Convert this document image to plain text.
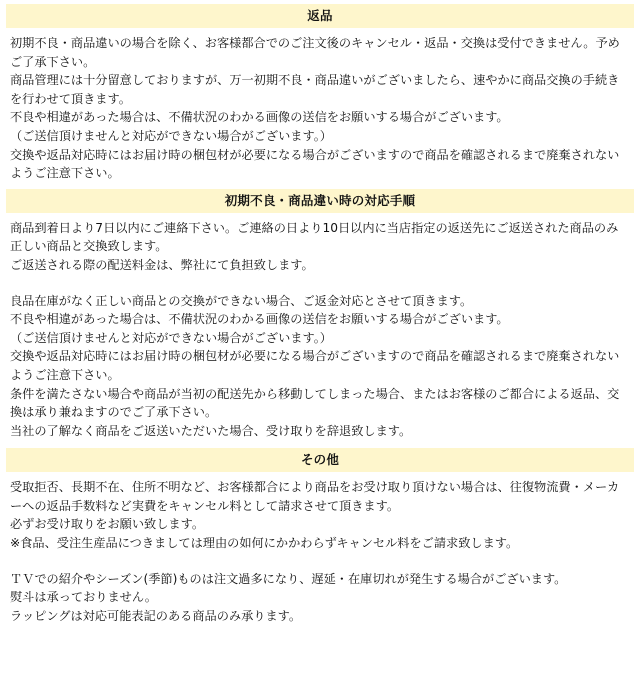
返品

初期不良・商品違いの場合を除く、お客様都合でのご注文後のキャンセル・返品・交換は受付できません。予めご了承下さい。

商品管理には十分留意しておりますが、万一初期不良・商品違いがございましたら、速やかに商品交換の手続きを行わせて頂きます。

不良や相違があった場合は、不備状況のわかる画像の送信をお願いする場合がございます。

（ご送信頂けませんと対応ができない場合がございます。）

交換や返品対応時にはお届け時の梱包材が必要になる場合がございますので商品を確認されるまで廃棄されないようご注意下さい。

初期不良・商品違い時の対応手順

商品到着日より7日以内にご連絡下さい。ご連絡の日より10日以内に当店指定の返送先にご返送された商品のみ正しい商品と交換致します。

ご返送される際の配送料金は、弊社にて負担致します。

良品在庫がなく正しい商品との交換ができない場合、ご返金対応とさせて頂きます。

不良や相違があった場合は、不備状況のわかる画像の送信をお願いする場合がございます。

（ご送信頂けませんと対応ができない場合がございます。）

交換や返品対応時にはお届け時の梱包材が必要になる場合がございますので商品を確認されるまで廃棄されないようご注意下さい。

条件を満たさない場合や商品が当初の配送先から移動してしまった場合、またはお客様のご都合による返品、交換は承り兼ねますのでご了承下さい。

当社の了解なく商品をご返送いただいた場合、受け取りを辞退致します。

その他

受取拒否、長期不在、住所不明など、お客様都合により商品をお受け取り頂けない場合は、往復物流費・メーカーへの返品手数料など実費をキャンセル料として請求させて頂きます。

必ずお受け取りをお願い致します。

※食品、受注生産品につきましては理由の如何にかかわらずキャンセル料をご請求致します。

ＴＶでの紹介やシーズン(季節)ものは注文過多になり、遅延・在庫切れが発生する場合がございます。

熨斗は承っておりません。

ラッピングは対応可能表記のある商品のみ承ります。
